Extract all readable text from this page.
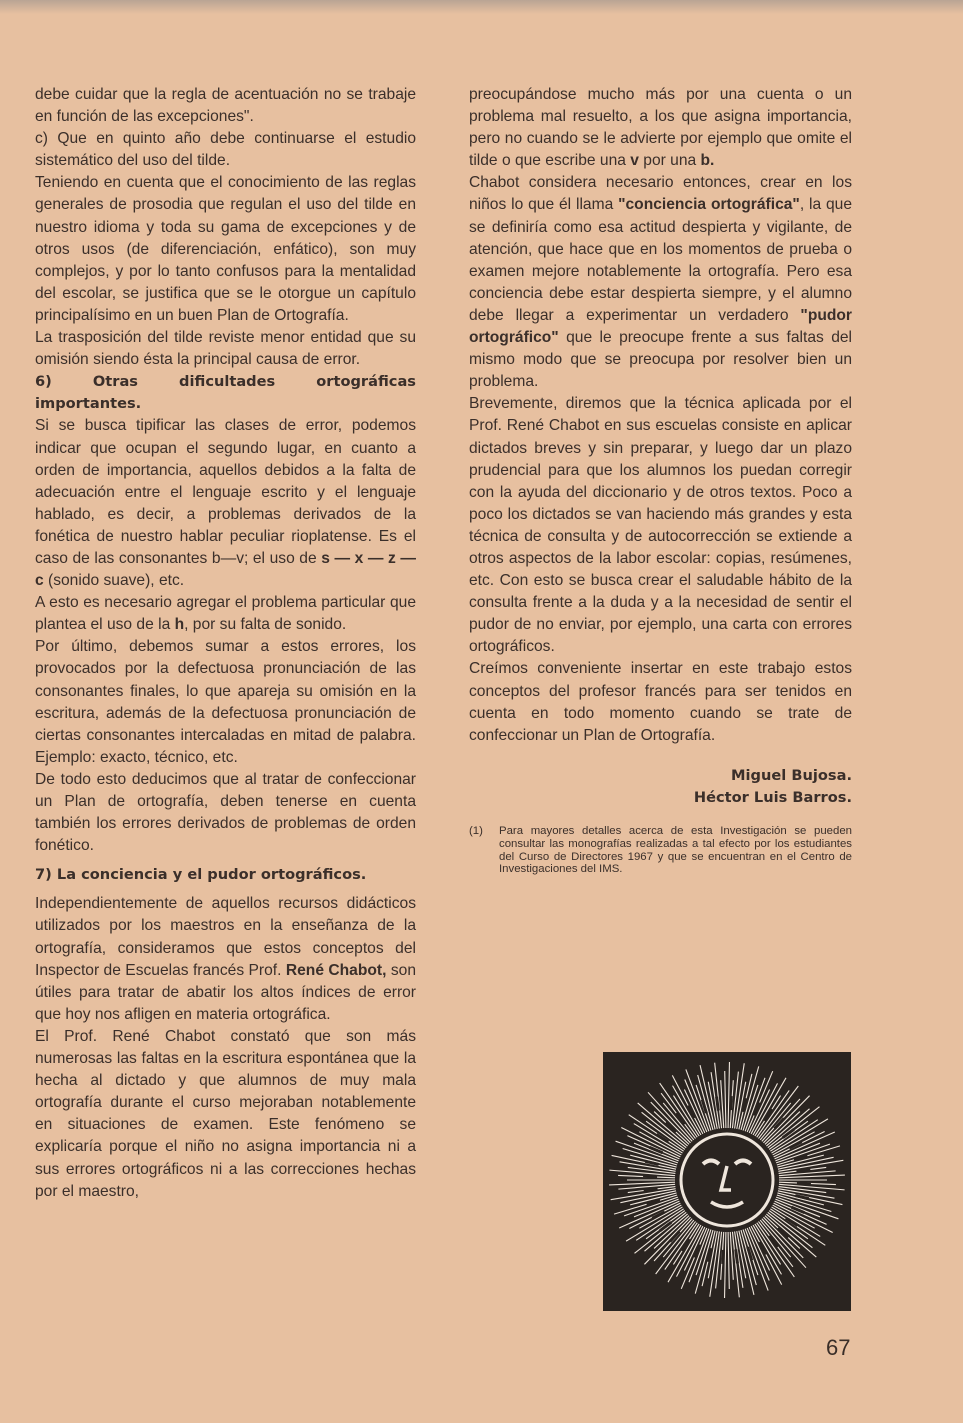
debe cuidar que la regla de acentuación no se trabaje en función de las excepciones".

c) Que en quinto año debe continuarse el estudio sistemático del uso del tilde.

Teniendo en cuenta que el conocimiento de las reglas generales de prosodia que regulan el uso del tilde en nuestro idioma y toda su gama de excepciones y de otros usos (de diferenciación, enfático), son muy complejos, y por lo tanto confusos para la mentalidad del escolar, se justifica que se le otorgue un capítulo principalísimo en un buen Plan de Ortografía.

La trasposición del tilde reviste menor entidad que su omisión siendo ésta la principal causa de error.

6) Otras dificultades ortográficas importantes.

Si se busca tipificar las clases de error, podemos indicar que ocupan el segundo lugar, en cuanto a orden de importancia, aquellos debidos a la falta de adecuación entre el lenguaje escrito y el lenguaje hablado, es decir, a problemas derivados de la fonética de nuestro hablar peculiar rioplatense. Es el caso de las consonantes b—v; el uso de s — x — z — c (sonido suave), etc.

A esto es necesario agregar el problema particular que plantea el uso de la h, por su falta de sonido.

Por último, debemos sumar a estos errores, los provocados por la defectuosa pronunciación de las consonantes finales, lo que apareja su omisión en la escritura, además de la defectuosa pronunciación de ciertas consonantes intercaladas en mitad de palabra. Ejemplo: exacto, técnico, etc.

De todo esto deducimos que al tratar de confeccionar un Plan de ortografía, deben tenerse en cuenta también los errores derivados de problemas de orden fonético.

7) La conciencia y el pudor ortográficos.

Independientemente de aquellos recursos didácticos utilizados por los maestros en la enseñanza de la ortografía, consideramos que estos conceptos del Inspector de Escuelas francés Prof. René Chabot, son útiles para tratar de abatir los altos índices de error que hoy nos afligen en materia ortográfica.

El Prof. René Chabot constató que son más numerosas las faltas en la escritura espontánea que la hecha al dictado y que alumnos de muy mala ortografía durante el curso mejoraban notablemente en situaciones de examen. Este fenómeno se explicaría porque el niño no asigna importancia ni a sus errores ortográficos ni a las correcciones hechas por el maestro,

preocupándose mucho más por una cuenta o un problema mal resuelto, a los que asigna importancia, pero no cuando se le advierte por ejemplo que omite el tilde o que escribe una v por una b.

Chabot considera necesario entonces, crear en los niños lo que él llama "conciencia ortográfica", la que se definiría como esa actitud despierta y vigilante, de atención, que hace que en los momentos de prueba o examen mejore notablemente la ortografía. Pero esa conciencia debe estar despierta siempre, y el alumno debe llegar a experimentar un verdadero "pudor ortográfico" que le preocupe frente a sus faltas del mismo modo que se preocupa por resolver bien un problema.

Brevemente, diremos que la técnica aplicada por el Prof. René Chabot en sus escuelas consiste en aplicar dictados breves y sin preparar, y luego dar un plazo prudencial para que los alumnos los puedan corregir con la ayuda del diccionario y de otros textos. Poco a poco los dictados se van haciendo más grandes y esta técnica de consulta y de autocorrección se extiende a otros aspectos de la labor escolar: copias, resúmenes, etc. Con esto se busca crear el saludable hábito de la consulta frente a la duda y a la necesidad de sentir el pudor de no enviar, por ejemplo, una carta con errores ortográficos.

Creímos conveniente insertar en este trabajo estos conceptos del profesor francés para ser tenidos en cuenta en todo momento cuando se trate de confeccionar un Plan de Ortografía.

Miguel Bujosa.
Héctor Luis Barros.
(1)	Para mayores detalles acerca de esta Investigación se pueden consultar las monografías realizadas a tal efecto por los estudiantes del Curso de Directores 1967 y que se encuentran en el Centro de Investigaciones del IMS.
67
